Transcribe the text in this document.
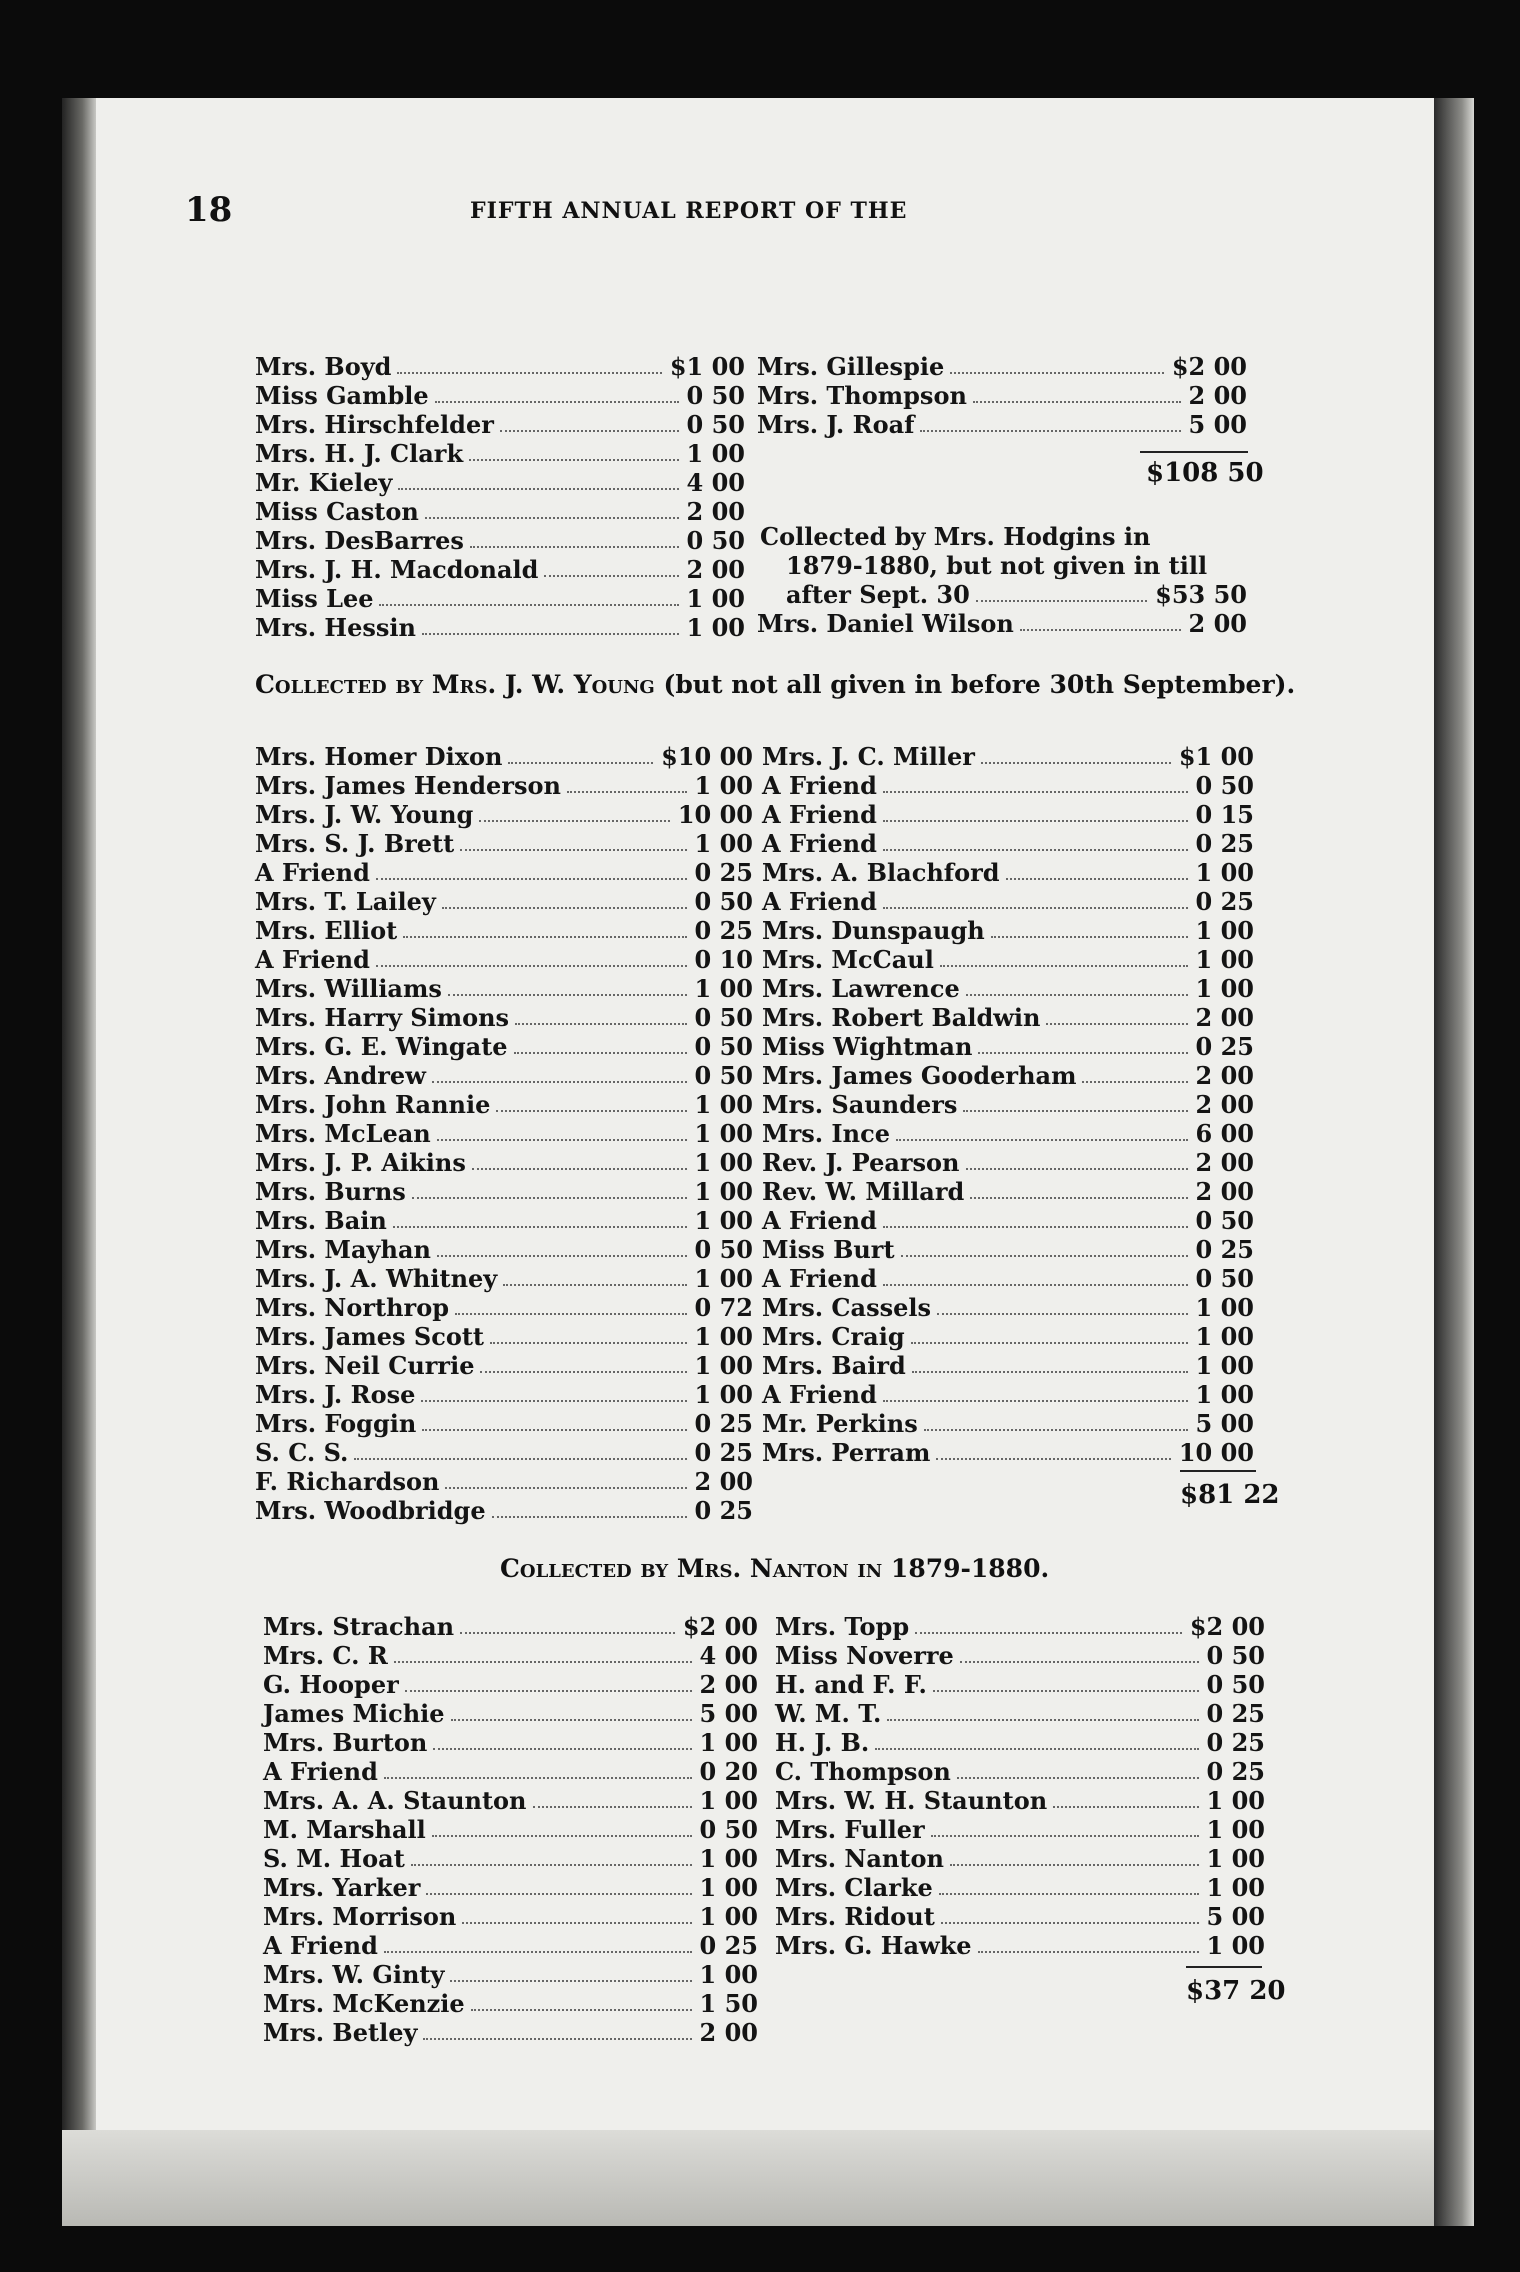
18	FIFTH ANNUAL REPORT OF THE
Mrs. Boyd	$1 00
Miss Gamble	0 50
Mrs. Hirschfelder	0 50
Mrs. H. J. Clark	1 00
Mr. Kieley	4 00
Miss Caston	2 00
Mrs. DesBarres	0 50
Mrs. J. H. Macdonald	2 00
Miss Lee	1 00
Mrs. Hessin	1 00
Mrs. Gillespie	$2 00
Mrs. Thompson	2 00
Mrs. J. Roaf	5 00
$108 50
Collected by Mrs. Hodgins in
1879-1880, but not given in till
after Sept. 30	$53 50
Mrs. Daniel Wilson	2 00
Collected by Mrs. J. W. Young (but not all given in before 30th September).
Mrs. Homer Dixon	$10 00
Mrs. James Henderson	1 00
Mrs. J. W. Young	10 00
Mrs. S. J. Brett	1 00
A Friend	0 25
Mrs. T. Lailey	0 50
Mrs. Elliot	0 25
A Friend	0 10
Mrs. Williams	1 00
Mrs. Harry Simons	0 50
Mrs. G. E. Wingate	0 50
Mrs. Andrew	0 50
Mrs. John Rannie	1 00
Mrs. McLean	1 00
Mrs. J. P. Aikins	1 00
Mrs. Burns	1 00
Mrs. Bain	1 00
Mrs. Mayhan	0 50
Mrs. J. A. Whitney	1 00
Mrs. Northrop	0 72
Mrs. James Scott	1 00
Mrs. Neil Currie	1 00
Mrs. J. Rose	1 00
Mrs. Foggin	0 25
S. C. S.	0 25
F. Richardson	2 00
Mrs. Woodbridge	0 25
Mrs. J. C. Miller	$1 00
A Friend	0 50
A Friend	0 15
A Friend	0 25
Mrs. A. Blachford	1 00
A Friend	0 25
Mrs. Dunspaugh	1 00
Mrs. McCaul	1 00
Mrs. Lawrence	1 00
Mrs. Robert Baldwin	2 00
Miss Wightman	0 25
Mrs. James Gooderham	2 00
Mrs. Saunders	2 00
Mrs. Ince	6 00
Rev. J. Pearson	2 00
Rev. W. Millard	2 00
A Friend	0 50
Miss Burt	0 25
A Friend	0 50
Mrs. Cassels	1 00
Mrs. Craig	1 00
Mrs. Baird	1 00
A Friend	1 00
Mr. Perkins	5 00
Mrs. Perram	10 00
$81 22
Collected by Mrs. Nanton in 1879-1880.
Mrs. Strachan	$2 00
Mrs. C. R	4 00
G. Hooper	2 00
James Michie	5 00
Mrs. Burton	1 00
A Friend	0 20
Mrs. A. A. Staunton	1 00
M. Marshall	0 50
S. M. Hoat	1 00
Mrs. Yarker	1 00
Mrs. Morrison	1 00
A Friend	0 25
Mrs. W. Ginty	1 00
Mrs. McKenzie	1 50
Mrs. Betley	2 00
Mrs. Topp	$2 00
Miss Noverre	0 50
H. and F. F.	0 50
W. M. T.	0 25
H. J. B.	0 25
C. Thompson	0 25
Mrs. W. H. Staunton	1 00
Mrs. Fuller	1 00
Mrs. Nanton	1 00
Mrs. Clarke	1 00
Mrs. Ridout	5 00
Mrs. G. Hawke	1 00
$37 20
